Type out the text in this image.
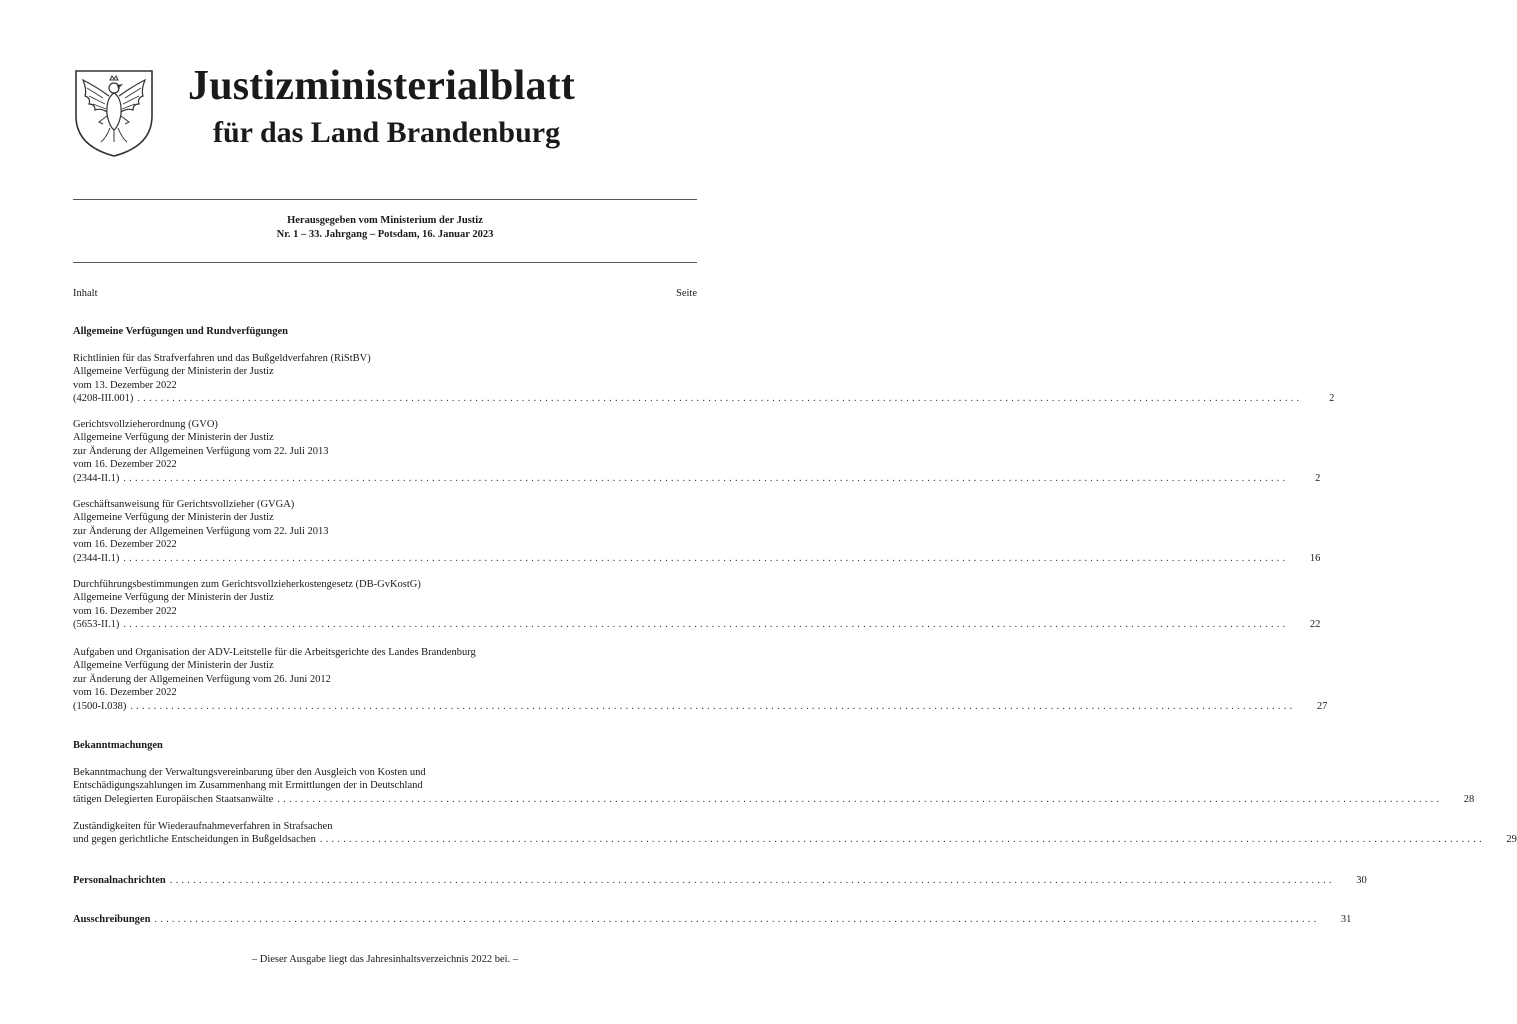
Justizministerialblatt
für das Land Brandenburg
Herausgegeben vom Ministerium der Justiz
Nr. 1 – 33. Jahrgang – Potsdam, 16. Januar 2023
Inhalt	Seite
Allgemeine Verfügungen und Rundverfügungen
Richtlinien für das Strafverfahren und das Bußgeldverfahren (RiStBV)
Allgemeine Verfügung der Ministerin der Justiz
vom 13. Dezember 2022
(4208-III.001) ........................................................................................................................................................................................................	2
Gerichtsvollzieherordnung (GVO)
Allgemeine Verfügung der Ministerin der Justiz
zur Änderung der Allgemeinen Verfügung vom 22. Juli 2013
vom 16. Dezember 2022
(2344-II.1) ........................................................................................................................................................................................................	2
Geschäftsanweisung für Gerichtsvollzieher (GVGA)
Allgemeine Verfügung der Ministerin der Justiz
zur Änderung der Allgemeinen Verfügung vom 22. Juli 2013
vom 16. Dezember 2022
(2344-II.1) ........................................................................................................................................................................................................	16
Durchführungsbestimmungen zum Gerichtsvollzieherkostengesetz (DB-GvKostG)
Allgemeine Verfügung der Ministerin der Justiz
vom 16. Dezember 2022
(5653-II.1) ........................................................................................................................................................................................................	22
Aufgaben und Organisation der ADV-Leitstelle für die Arbeitsgerichte des Landes Brandenburg
Allgemeine Verfügung der Ministerin der Justiz
zur Änderung der Allgemeinen Verfügung vom 26. Juni 2012
vom 16. Dezember 2022
(1500-I.038) ........................................................................................................................................................................................................	27
Bekanntmachungen
Bekanntmachung der Verwaltungsvereinbarung über den Ausgleich von Kosten und
Entschädigungszahlungen im Zusammenhang mit Ermittlungen der in Deutschland
tätigen Delegierten Europäischen Staatsanwälte ........................................................................................................................................................................................................	28
Zuständigkeiten für Wiederaufnahmeverfahren in Strafsachen
und gegen gerichtliche Entscheidungen in Bußgeldsachen ........................................................................................................................................................................................................	29
Personalnachrichten ........................................................................................................................................................................................................	30
Ausschreibungen ........................................................................................................................................................................................................	31
– Dieser Ausgabe liegt das Jahresinhaltsverzeichnis 2022 bei. –
